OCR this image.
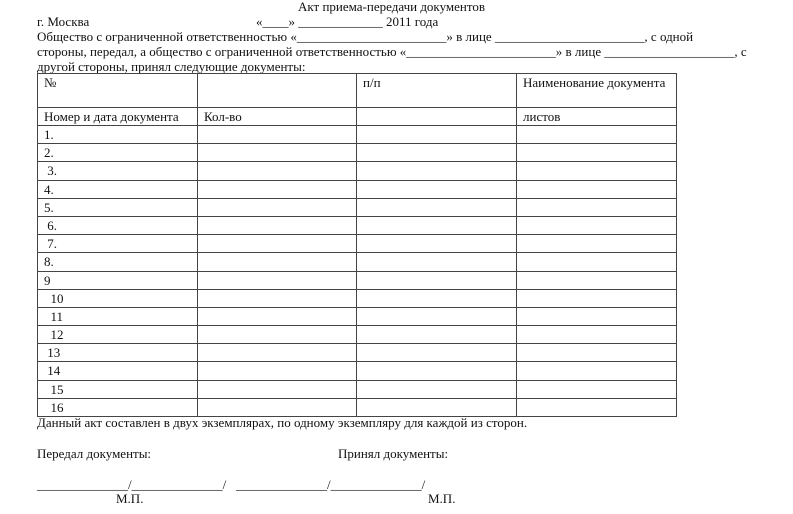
Акт приема-передачи документов
г. Москва	«____» _____________ 2011 года
Общество с ограниченной ответственностью «_______________________» в лице _______________________, с одной
стороны, передал, а общество с ограниченной ответственностью «_______________________» в лице ____________________, с
другой стороны, принял следующие документы:
№		п/п	Наименование документа
Номер и дата документа	Кол-во		листов
1.			
2.			
3.			
4.			
5.			
6.			
7.			
8.			
9			
10			
11			
12			
13			
14			
15			
16			
Данный акт составлен в двух экземплярах, по одному экземпляру для каждой из сторон.
Передал документы:	Принял документы:
______________/______________/   ______________/______________/
М.П.	М.П.
